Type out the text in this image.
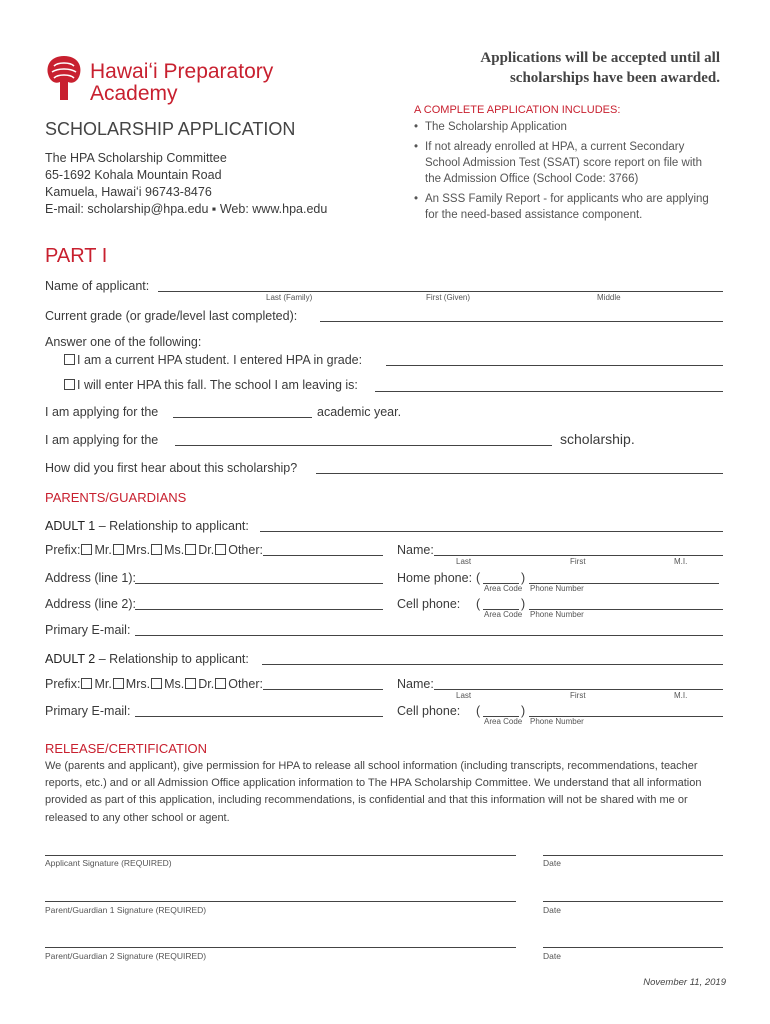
Hawaiʻi Preparatory
Academy
Applications will be accepted until all
scholarships have been awarded.
SCHOLARSHIP APPLICATION
The HPA Scholarship Committee
65-1692 Kohala Mountain Road
Kamuela, Hawaiʻi 96743-8476
E-mail: scholarship@hpa.edu ▪ Web: www.hpa.edu
A COMPLETE APPLICATION INCLUDES:
• The Scholarship Application
• If not already enrolled at HPA, a current Secondary
School Admission Test (SSAT) score report on file with
the Admission Office (School Code: 3766)
• An SSS Family Report - for applicants who are applying
for the need-based assistance component.
PART I
Name of applicant:
Last (Family)	First (Given)	Middle
Current grade (or grade/level last completed):
Answer one of the following:
I am a current HPA student. I entered HPA in grade:
I will enter HPA this fall. The school I am leaving is:
I am applying for the	academic year.
I am applying for the	scholarship.
How did you first hear about this scholarship?
PARENTS/GUARDIANS
ADULT 1 – Relationship to applicant:
Prefix: Mr. Mrs. Ms. Dr. Other:	Name:
Last	First	M.I.
Address (line 1):	Home phone: (	)
Area Code Phone Number
Address (line 2):	Cell phone: (	)
Area Code Phone Number
Primary E-mail:
ADULT 2 – Relationship to applicant:
Prefix: Mr. Mrs. Ms. Dr. Other:	Name:
Last	First	M.I.
Primary E-mail:	Cell phone: (	)
Area Code Phone Number
RELEASE/CERTIFICATION
We (parents and applicant), give permission for HPA to release all school information (including transcripts, recommendations, teacher
reports, etc.) and or all Admission Office application information to The HPA Scholarship Committee. We understand that all information
provided as part of this application, including recommendations, is confidential and that this information will not be shared with me or
released to any other school or agent.
Applicant Signature (REQUIRED)	Date
Parent/Guardian 1 Signature (REQUIRED)	Date
Parent/Guardian 2 Signature (REQUIRED)	Date
November 11, 2019
